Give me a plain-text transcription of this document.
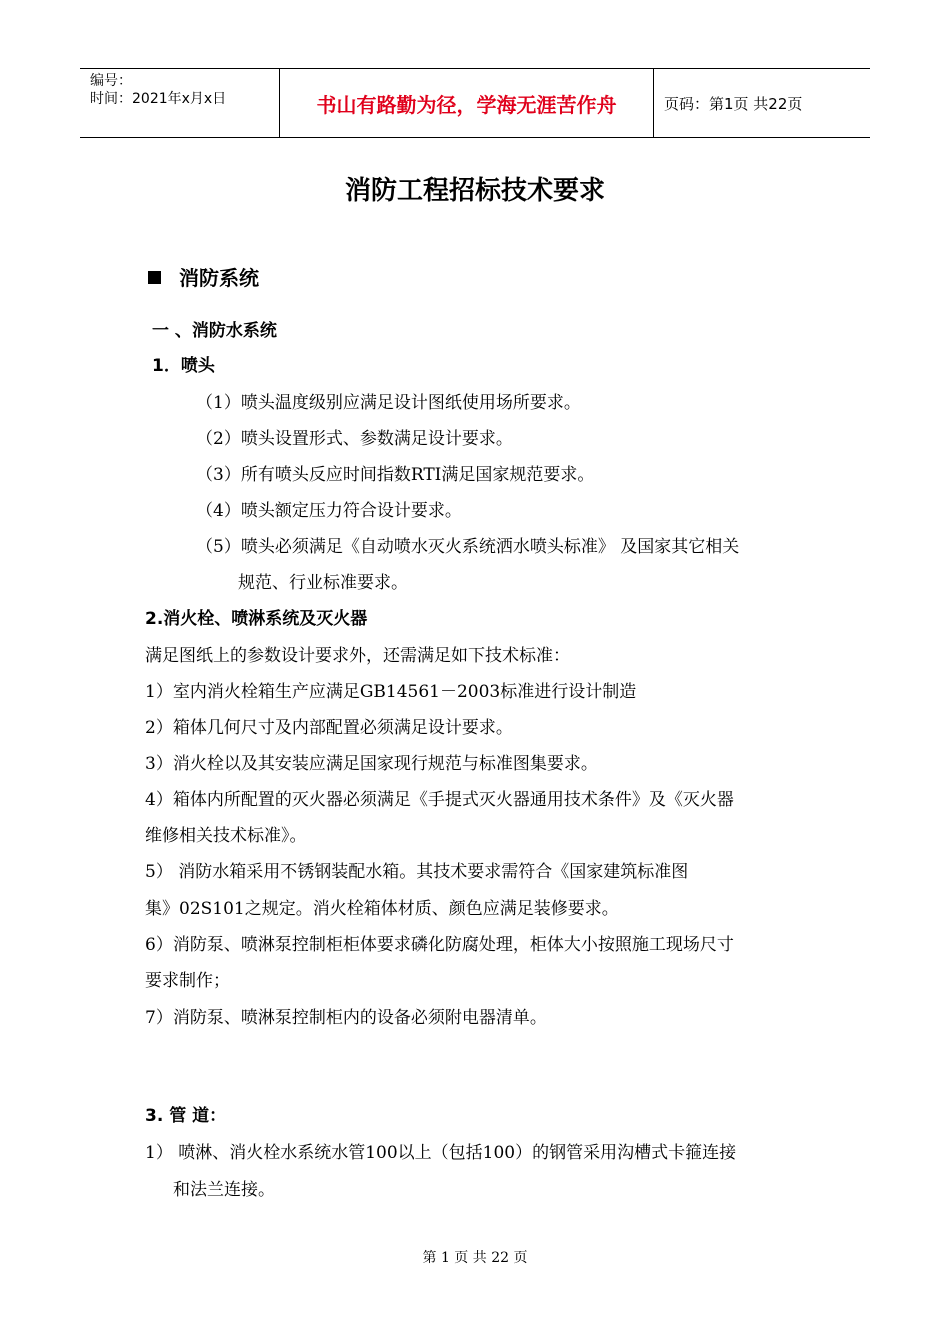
编号：
时间：2021年x月x日	书山有路勤为径，学海无涯苦作舟	页码：第1页 共22页
消防工程招标技术要求
消防系统
一 、消防水系统
1．喷头
（1）喷头温度级别应满足设计图纸使用场所要求。
（2）喷头设置形式、参数满足设计要求。
（3）所有喷头反应时间指数RTI满足国家规范要求。
（4）喷头额定压力符合设计要求。
（5）喷头必须满足《自动喷水灭火系统洒水喷头标准》 及国家其它相关
规范、行业标准要求。
2.消火栓、喷淋系统及灭火器
满足图纸上的参数设计要求外，还需满足如下技术标准：
1）室内消火栓箱生产应满足GB14561－2003标准进行设计制造
2）箱体几何尺寸及内部配置必须满足设计要求。
3）消火栓以及其安装应满足国家现行规范与标准图集要求。
4）箱体内所配置的灭火器必须满足《手提式灭火器通用技术条件》及《灭火器
维修相关技术标准》。
5） 消防水箱采用不锈钢装配水箱。其技术要求需符合《国家建筑标准图
集》02S101之规定。消火栓箱体材质、颜色应满足装修要求。
6）消防泵、喷淋泵控制柜柜体要求磷化防腐处理，柜体大小按照施工现场尺寸
要求制作；
7）消防泵、喷淋泵控制柜内的设备必须附电器清单。
3. 管 道：
1） 喷淋、消火栓水系统水管100以上（包括100）的钢管采用沟槽式卡箍连接
和法兰连接。
第 1 页 共 22 页
